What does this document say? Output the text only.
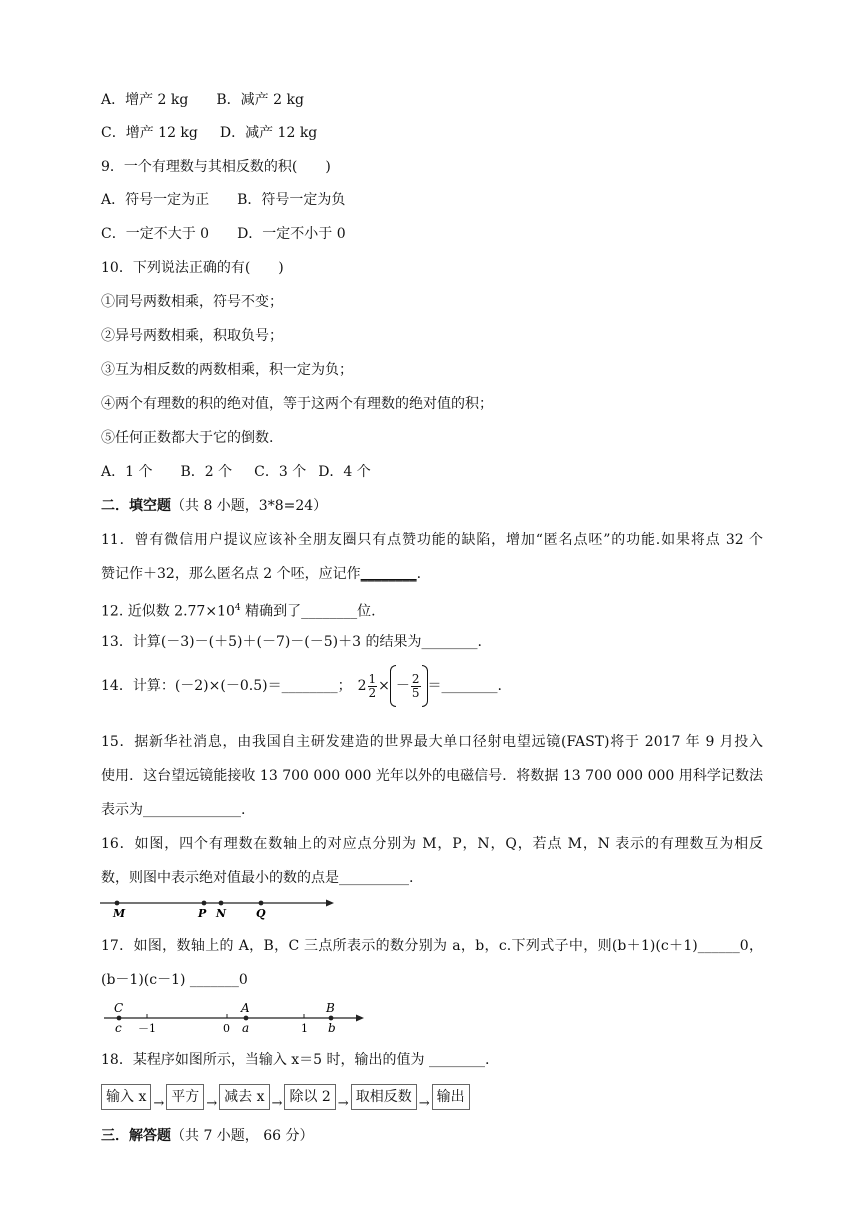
A．增产 2 kg B．减产 2 kg
C．增产 12 kg D．减产 12 kg
9．一个有理数与其相反数的积(　　)
A．符号一定为正 B．符号一定为负
C．一定不大于 0 D．一定不小于 0
10．下列说法正确的有(　　)
①同号两数相乘，符号不变；
②异号两数相乘，积取负号；
③互为相反数的两数相乘，积一定为负；
④两个有理数的积的绝对值，等于这两个有理数的绝对值的积；
⑤任何正数都大于它的倒数.
A．1 个 B．2 个 C．3 个 D．4 个
二．填空题（共 8 小题，3*8=24）
11．曾有微信用户提议应该补全朋友圈只有点赞功能的缺陷，增加“匿名点呸”的功能.如果将点 32 个
赞记作＋32，那么匿名点 2 个呸，应记作________.
12. 近似数 $2.77\times 10^4$ 精确到了________位.
13．计算(－3)－(＋5)＋(－7)－(－5)＋3 的结果为________.
14．计算：(－2)×(－0.5)＝________； $2 \frac{1}{2}$ × － $\frac{2}{5}$ ＝________.
15．据新华社消息，由我国自主研发建造的世界最大单口径射电望远镜(FAST)将于 2017 年 9 月投入
使用．这台望远镜能接收 13 700 000 000 光年以外的电磁信号．将数据 13 700 000 000 用科学记数法
表示为______________.
16．如图，四个有理数在数轴上的对应点分别为 M，P，N，Q，若点 M，N 表示的有理数互为相反
数，则图中表示绝对值最小的数的点是__________.
M	P N	Q
17．如图，数轴上的 A，B，C 三点所表示的数分别为 a，b，c.下列式子中，则(b＋1)(c＋1)______0，
(b－1)(c－1) _______0
C	A	B
c －1	0 a	1 b
18．某程序如图所示，当输入 x＝5 时，输出的值为 ________.
输入 x → 平方 → 减去 x → 除以 2 → 取相反数 → 输出
三．解答题（共 7 小题， 66 分）
